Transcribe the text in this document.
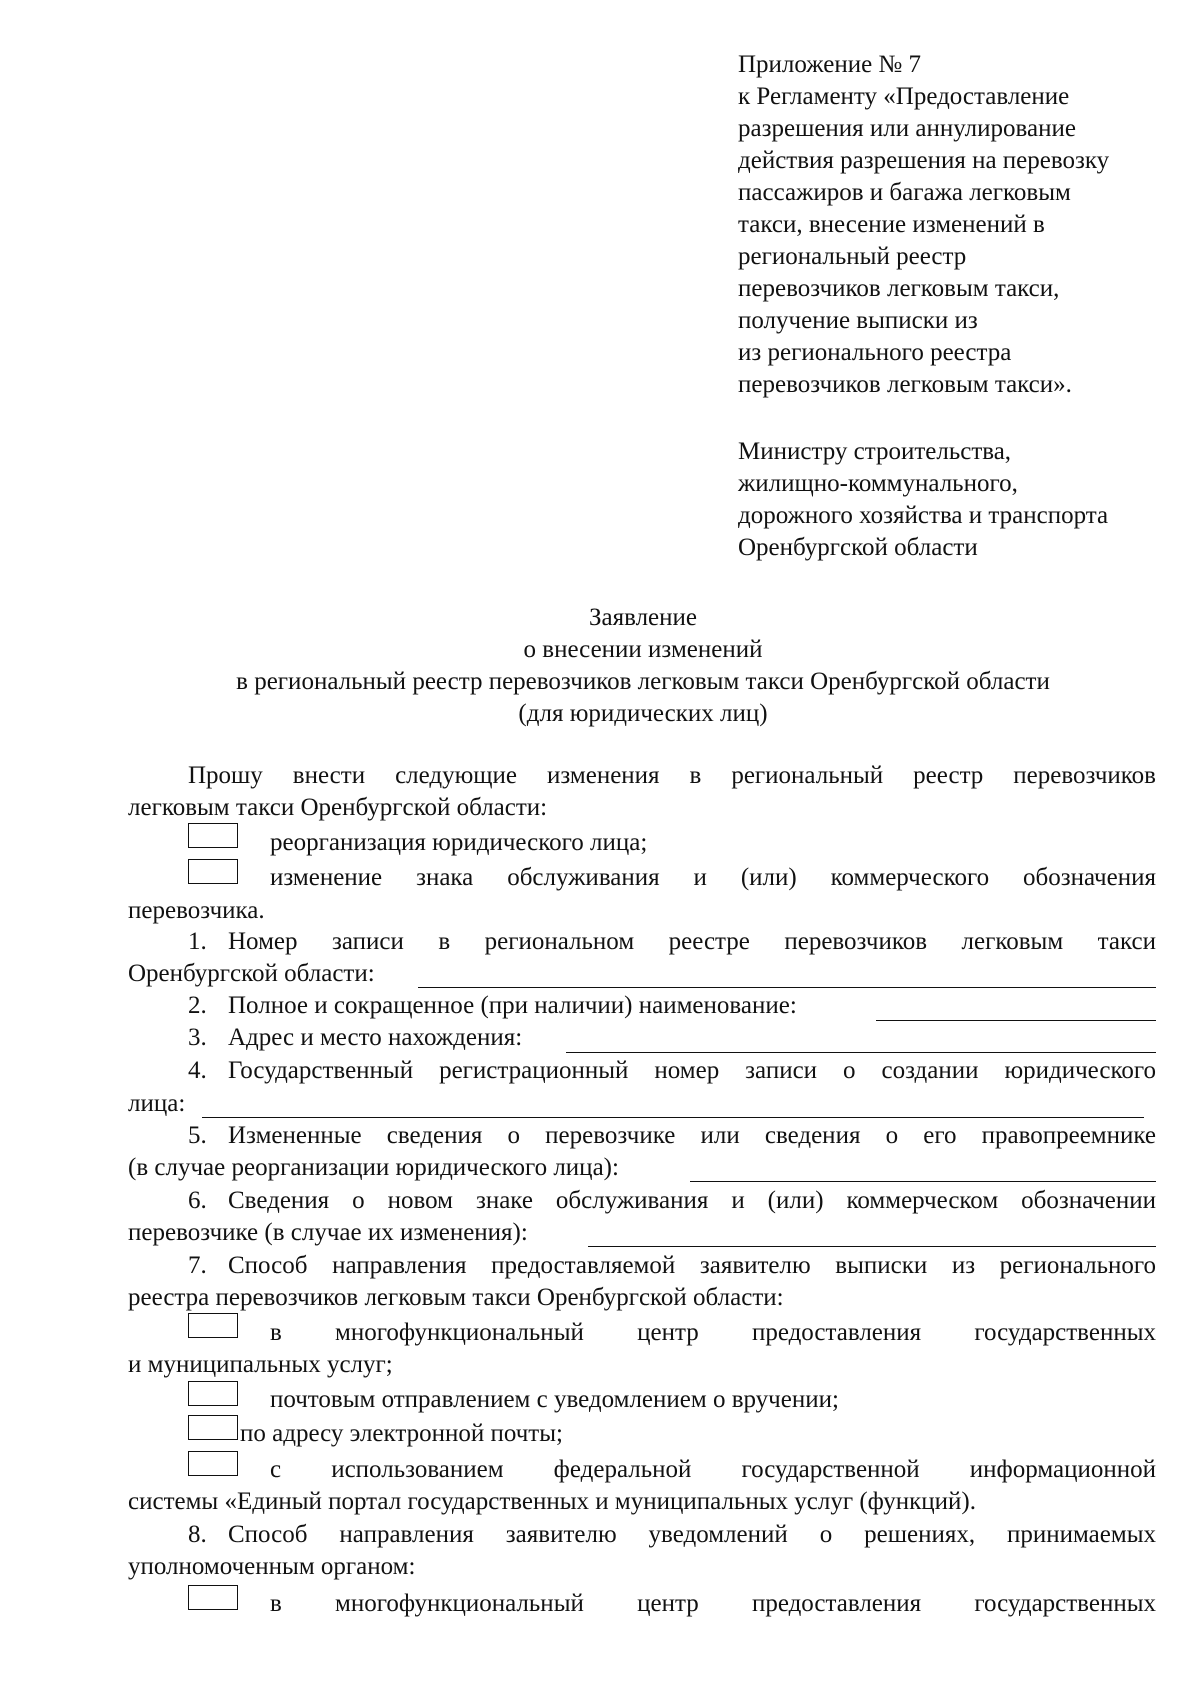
Приложение № 7
к Регламенту «Предоставление
разрешения или аннулирование
действия разрешения на перевозку
пассажиров и багажа легковым
такси, внесение изменений в
региональный реестр
перевозчиков легковым такси,
получение выписки из
из регионального реестра
перевозчиков легковым такси».
Министру строительства,
жилищно-коммунального,
дорожного хозяйства и транспорта
Оренбургской области
Заявление
о внесении изменений
в региональный реестр перевозчиков легковым такси Оренбургской области
(для юридических лиц)
Прошу внести следующие изменения в региональный реестр перевозчиков
легковым такси Оренбургской области:
реорганизация юридического лица;
изменение знака обслуживания и (или) коммерческого обозначения
перевозчика.
1. Номер записи в региональном реестре перевозчиков легковым такси
Оренбургской области:
2. Полное и сокращенное (при наличии) наименование:
3. Адрес и место нахождения:
4. Государственный регистрационный номер записи о создании юридического
лица:
5. Измененные сведения о перевозчике или сведения о его правопреемнике
(в случае реорганизации юридического лица):
6. Сведения о новом знаке обслуживания и (или) коммерческом обозначении
перевозчике (в случае их изменения):
7. Способ направления предоставляемой заявителю выписки из регионального
реестра перевозчиков легковым такси Оренбургской области:
в многофункциональный центр предоставления государственных
и муниципальных услуг;
почтовым отправлением с уведомлением о вручении;
по адресу электронной почты;
с использованием федеральной государственной информационной
системы «Единый портал государственных и муниципальных услуг (функций).
8. Способ направления заявителю уведомлений о решениях, принимаемых
уполномоченным органом:
в многофункциональный центр предоставления государственных
